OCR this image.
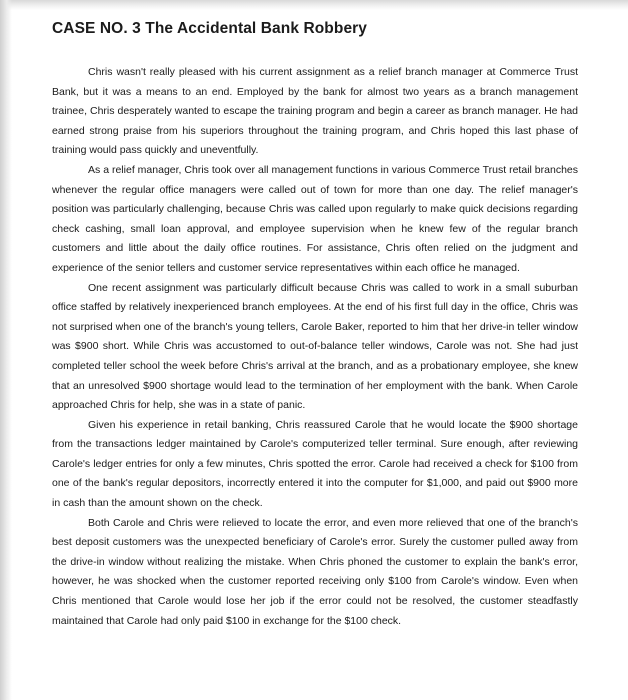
CASE NO. 3 The Accidental Bank Robbery

Chris wasn't really pleased with his current assignment as a relief branch manager at Commerce Trust Bank, but it was a means to an end. Employed by the bank for almost two years as a branch management trainee, Chris desperately wanted to escape the training program and begin a career as branch manager. He had earned strong praise from his superiors throughout the training program, and Chris hoped this last phase of training would pass quickly and uneventfully.

As a relief manager, Chris took over all management functions in various Commerce Trust retail branches whenever the regular office managers were called out of town for more than one day. The relief manager's position was particularly challenging, because Chris was called upon regularly to make quick decisions regarding check cashing, small loan approval, and employee supervision when he knew few of the regular branch customers and little about the daily office routines. For assistance, Chris often relied on the judgment and experience of the senior tellers and customer service representatives within each office he managed.

One recent assignment was particularly difficult because Chris was called to work in a small suburban office staffed by relatively inexperienced branch employees. At the end of his first full day in the office, Chris was not surprised when one of the branch's young tellers, Carole Baker, reported to him that her drive-in teller window was $900 short. While Chris was accustomed to out-of-balance teller windows, Carole was not. She had just completed teller school the week before Chris's arrival at the branch, and as a probationary employee, she knew that an unresolved $900 shortage would lead to the termination of her employment with the bank. When Carole approached Chris for help, she was in a state of panic.

Given his experience in retail banking, Chris reassured Carole that he would locate the $900 shortage from the transactions ledger maintained by Carole's computerized teller terminal. Sure enough, after reviewing Carole's ledger entries for only a few minutes, Chris spotted the error. Carole had received a check for $100 from one of the bank's regular depositors, incorrectly entered it into the computer for $1,000, and paid out $900 more in cash than the amount shown on the check.

Both Carole and Chris were relieved to locate the error, and even more relieved that one of the branch's best deposit customers was the unexpected beneficiary of Carole's error. Surely the customer pulled away from the drive-in window without realizing the mistake. When Chris phoned the customer to explain the bank's error, however, he was shocked when the customer reported receiving only $100 from Carole's window. Even when Chris mentioned that Carole would lose her job if the error could not be resolved, the customer steadfastly maintained that Carole had only paid $100 in exchange for the $100 check.
